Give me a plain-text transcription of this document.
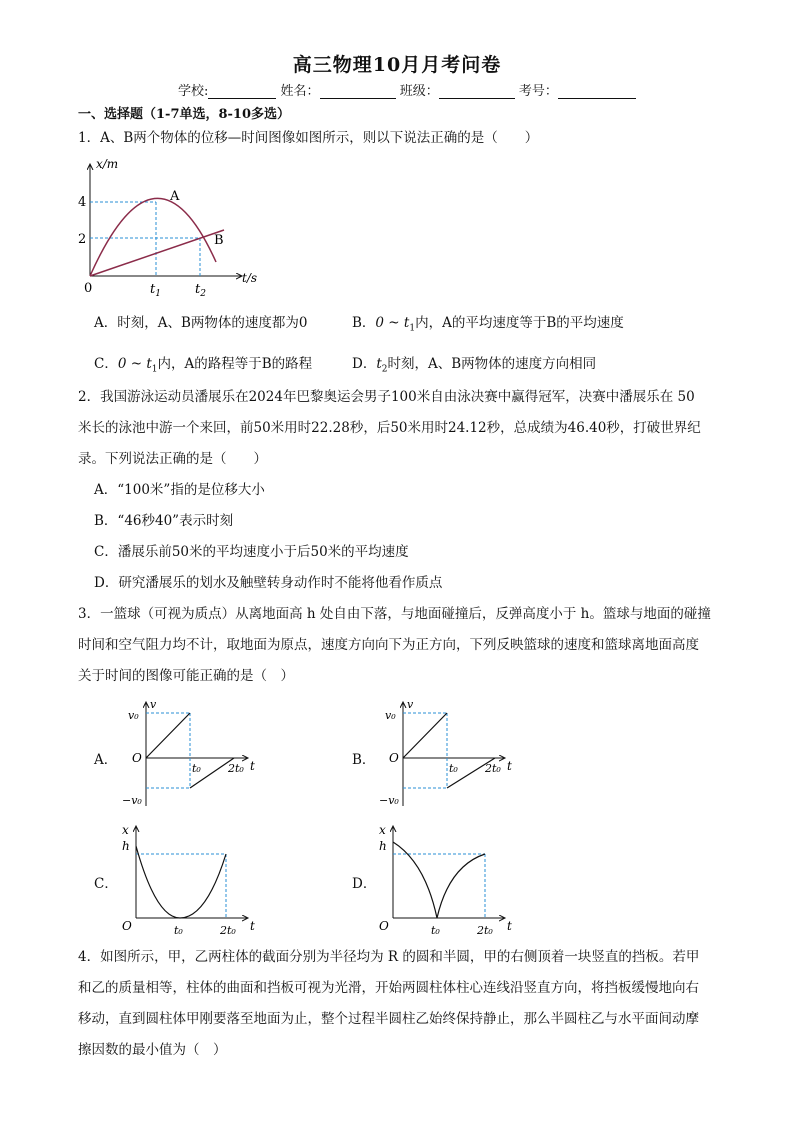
高三物理10月月考问卷
学校:	姓名：	班级：	考号：
一、选择题（1-7单选，8-10多选）
1．A、B两个物体的位移—时间图像如图所示，则以下说法正确的是（　　）
x/m
t/s
0
4
2
A
B
$t_1$	$t_2$
A．时刻，A、B两物体的速度都为0	B．0 ~ $t_1$内，A的平均速度等于B的平均速度
C．0 ~ $t_1$内，A的路程等于B的路程	D．$t_2$时刻，A、B两物体的速度方向相同
2．我国游泳运动员潘展乐在2024年巴黎奥运会男子100米自由泳决赛中赢得冠军，决赛中潘展乐在 50
米长的泳池中游一个来回，前50米用时22.28秒，后50米用时24.12秒，总成绩为46.40秒，打破世界纪
录。下列说法正确的是（　　）
A．“100米”指的是位移大小
B．“46秒40”表示时刻
C．潘展乐前50米的平均速度小于后50米的平均速度
D．研究潘展乐的划水及触壁转身动作时不能将他看作质点
3．一篮球（可视为质点）从离地面高 h 处自由下落，与地面碰撞后，反弹高度小于 h。篮球与地面的碰撞
时间和空气阻力均不计，取地面为原点，速度方向向下为正方向，下列反映篮球的速度和篮球离地面高度
关于时间的图像可能正确的是（　）
A．
v
v₀
O
−v₀
t
t₀ 2t₀
B．
v
v₀
O
−v₀
t
t₀ 2t₀
C．
x
h
O	t
t₀	2t₀
D．
x
h
O	t
t₀	2t₀
4．如图所示，甲，乙两柱体的截面分别为半径均为 R 的圆和半圆，甲的右侧顶着一块竖直的挡板。若甲
和乙的质量相等，柱体的曲面和挡板可视为光滑，开始两圆柱体柱心连线沿竖直方向，将挡板缓慢地向右
移动，直到圆柱体甲刚要落至地面为止，整个过程半圆柱乙始终保持静止，那么半圆柱乙与水平面间动摩
擦因数的最小值为（　）
